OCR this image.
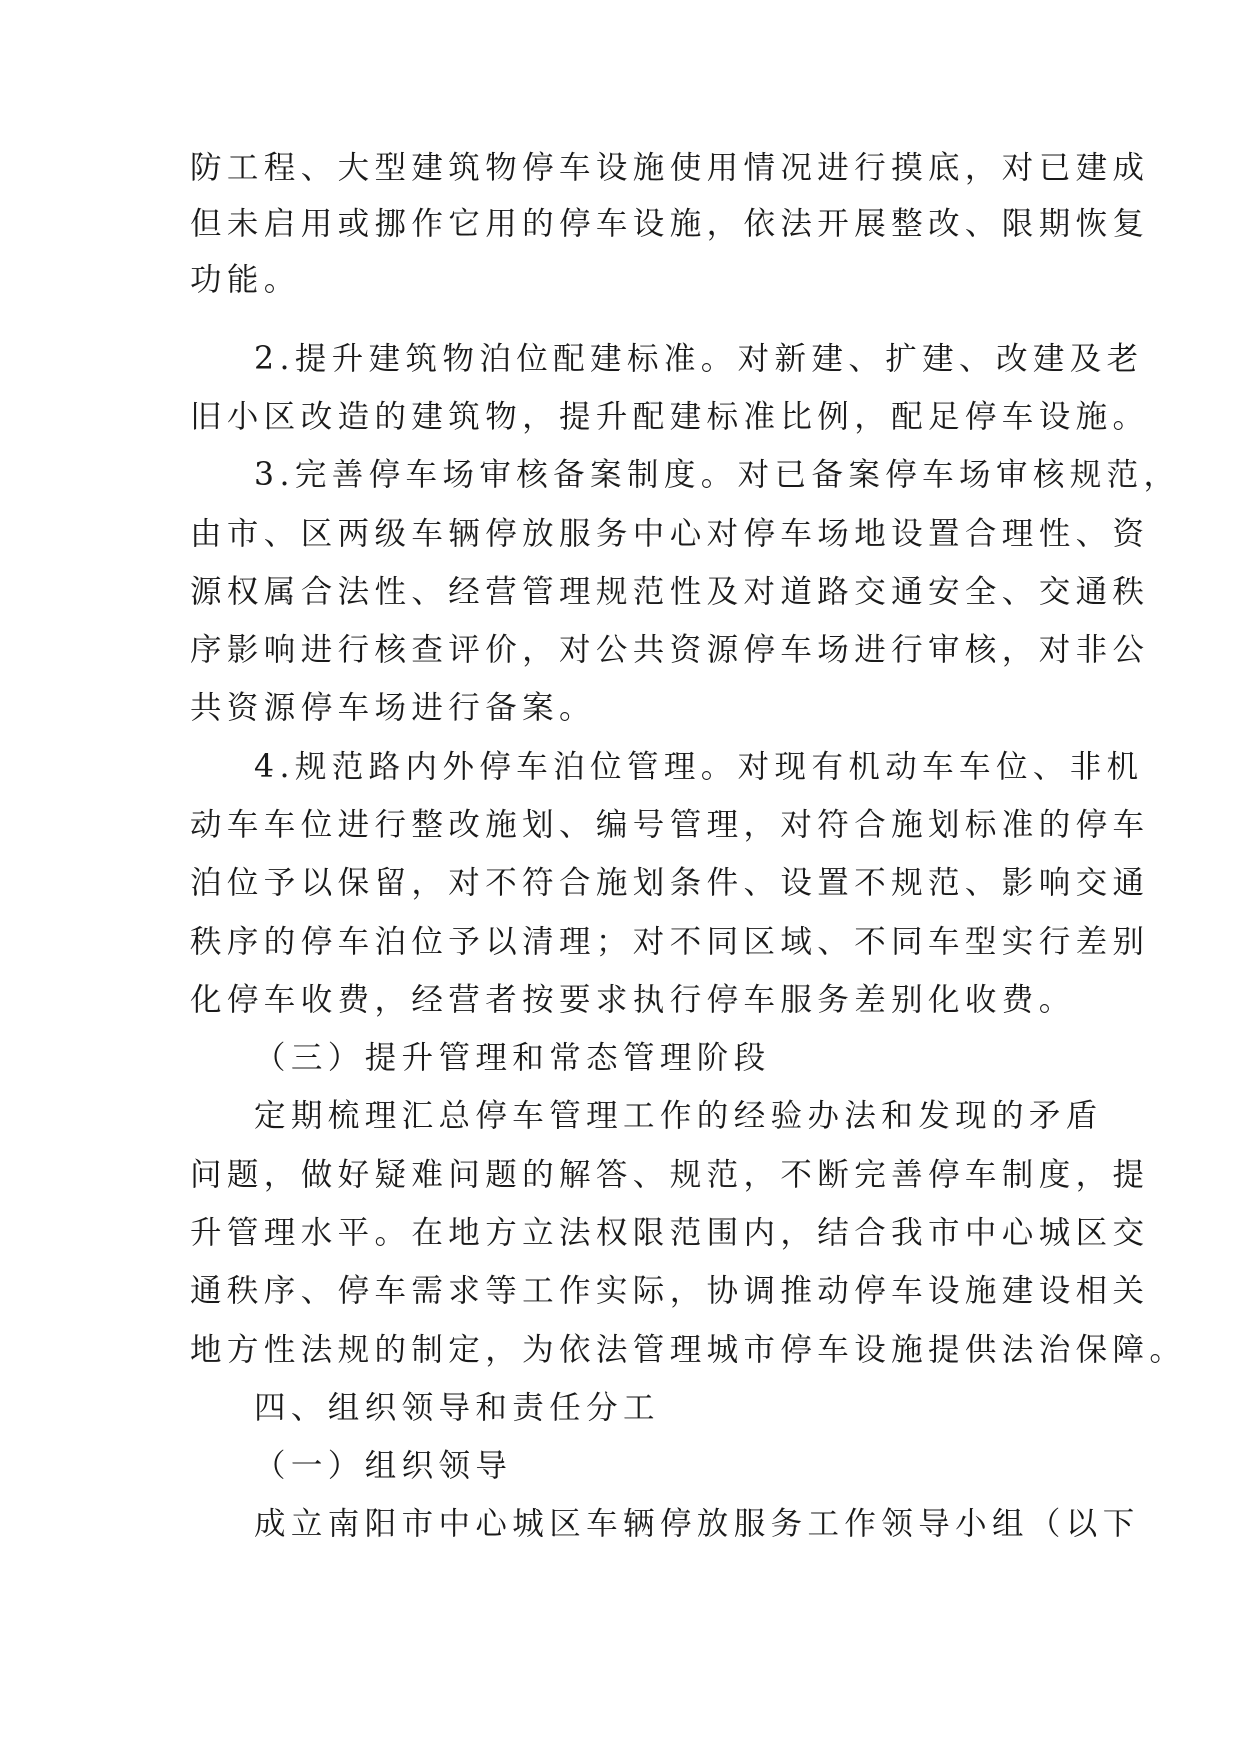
防工程、大型建筑物停车设施使用情况进行摸底，对已建成
但未启用或挪作它用的停车设施，依法开展整改、限期恢复
功能。
2.提升建筑物泊位配建标准。对新建、扩建、改建及老
旧小区改造的建筑物，提升配建标准比例，配足停车设施。
3.完善停车场审核备案制度。对已备案停车场审核规范，
由市、区两级车辆停放服务中心对停车场地设置合理性、资
源权属合法性、经营管理规范性及对道路交通安全、交通秩
序影响进行核查评价，对公共资源停车场进行审核，对非公
共资源停车场进行备案。
4.规范路内外停车泊位管理。对现有机动车车位、非机
动车车位进行整改施划、编号管理，对符合施划标准的停车
泊位予以保留，对不符合施划条件、设置不规范、影响交通
秩序的停车泊位予以清理；对不同区域、不同车型实行差别
化停车收费，经营者按要求执行停车服务差别化收费。
（三）提升管理和常态管理阶段
定期梳理汇总停车管理工作的经验办法和发现的矛盾
问题，做好疑难问题的解答、规范，不断完善停车制度，提
升管理水平。在地方立法权限范围内，结合我市中心城区交
通秩序、停车需求等工作实际，协调推动停车设施建设相关
地方性法规的制定，为依法管理城市停车设施提供法治保障。
四、组织领导和责任分工
（一）组织领导
成立南阳市中心城区车辆停放服务工作领导小组（以下
